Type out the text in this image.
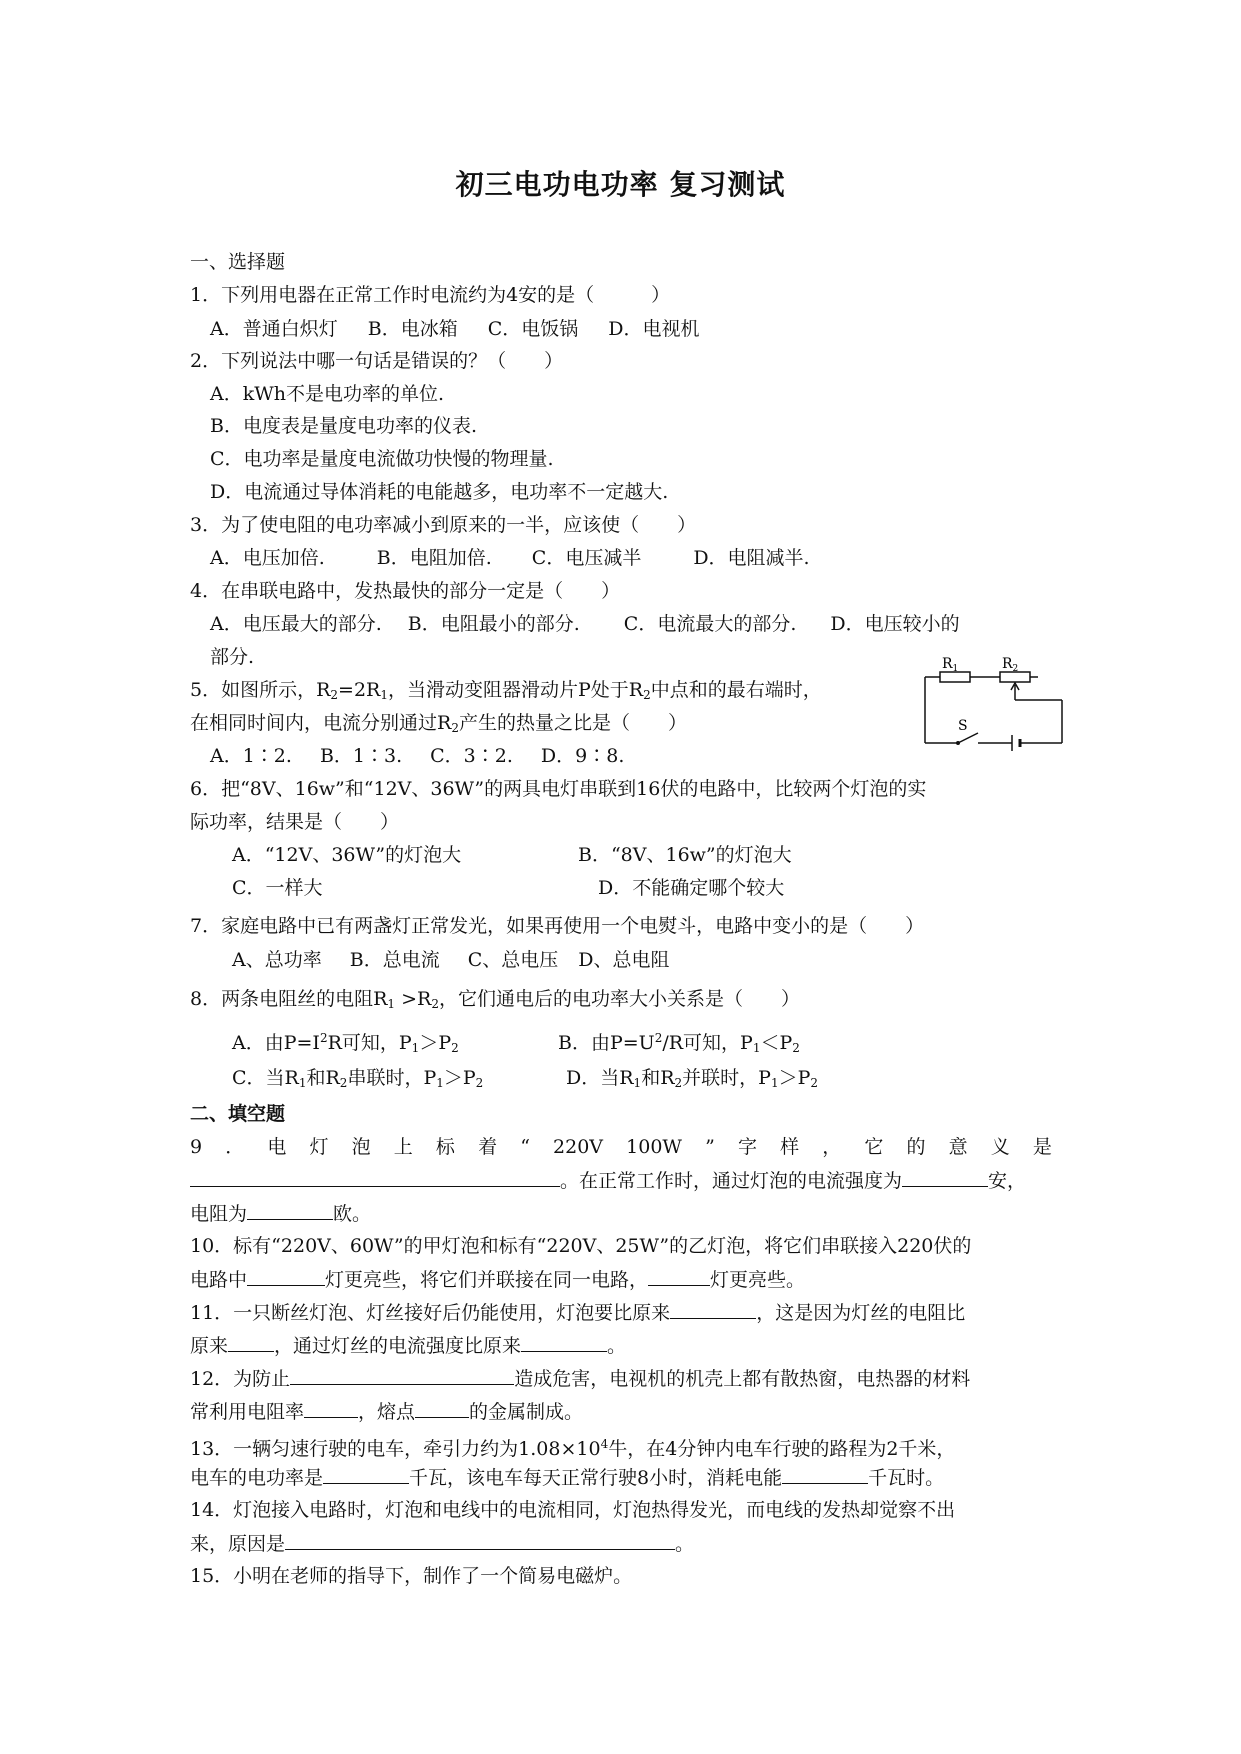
初三电功电功率 复习测试
一、选择题
1．下列用电器在正常工作时电流约为4安的是（　　　）
A．普通白炽灯 B．电冰箱 C．电饭锅 D．电视机
2．下列说法中哪一句话是错误的？（　　）
A．kWh不是电功率的单位.
B．电度表是量度电功率的仪表.
C．电功率是量度电流做功快慢的物理量.
D．电流通过导体消耗的电能越多，电功率不一定越大.
3．为了使电阻的电功率减小到原来的一半，应该使（　　）
A．电压加倍.	B．电阻加倍. C．电压减半	D．电阻减半.
4．在串联电路中，发热最快的部分一定是（　　）
A．电压最大的部分. B．电阻最小的部分. C．电流最大的部分. D．电压较小的
部分.
5．如图所示，$R_2=2R_1$，当滑动变阻器滑动片P处于$R_2$中点和的最右端时，
在相同时间内，电流分别通过$R_2$产生的热量之比是（　　）
A．1∶2. B．1∶3. C．3∶2. D．9∶8.
$R_1$	$R_2$
S
6．把“8V、16w”和“12V、36W”的两具电灯串联到16伏的电路中，比较两个灯泡的实
际功率，结果是（　　）
A．“12V、36W”的灯泡大	B．“8V、16w”的灯泡大
C．一样大	D．不能确定哪个较大
7．家庭电路中已有两盏灯正常发光，如果再使用一个电熨斗，电路中变小的是（　　）
A、总功率 B．总电流 C、总电压 D、总电阻
8．两条电阻丝的电阻$R_1 >R_2$，它们通电后的电功率大小关系是（　　）
A．由$P=I^2R$可知，$P_1>P_2$	B．由$P=U^2/R$可知，$P_1<P_2$
C．当$R_1$和$R_2$串联时，$P_1>P_2$	D．当$R_1$和$R_2$并联时，$P_1>P_2$
二、填空题
9 ． 电 灯 泡 上 标 着 “ 220V 100W ” 字 样 ， 它 的 意 义 是
。在正常工作时，通过灯泡的电流强度为	安，
电阻为	欧。
10．标有“220V、60W”的甲灯泡和标有“220V、25W”的乙灯泡，将它们串联接入220伏的
电路中	灯更亮些，将它们并联接在同一电路，	灯更亮些。
11．一只断丝灯泡、灯丝接好后仍能使用，灯泡要比原来	，这是因为灯丝的电阻比
原来 ，通过灯丝的电流强度比原来	。
12．为防止	造成危害，电视机的机壳上都有散热窗，电热器的材料
常利用电阻率	，熔点	的金属制成。
13．一辆匀速行驶的电车，牵引力约为$1.08\times 10^4$牛，在4分钟内电车行驶的路程为2千米，
电车的电功率是	千瓦，该电车每天正常行驶8小时，消耗电能	千瓦时。
14．灯泡接入电路时，灯泡和电线中的电流相同，灯泡热得发光，而电线的发热却觉察不出
来，原因是	。
15．小明在老师的指导下，制作了一个简易电磁炉。
